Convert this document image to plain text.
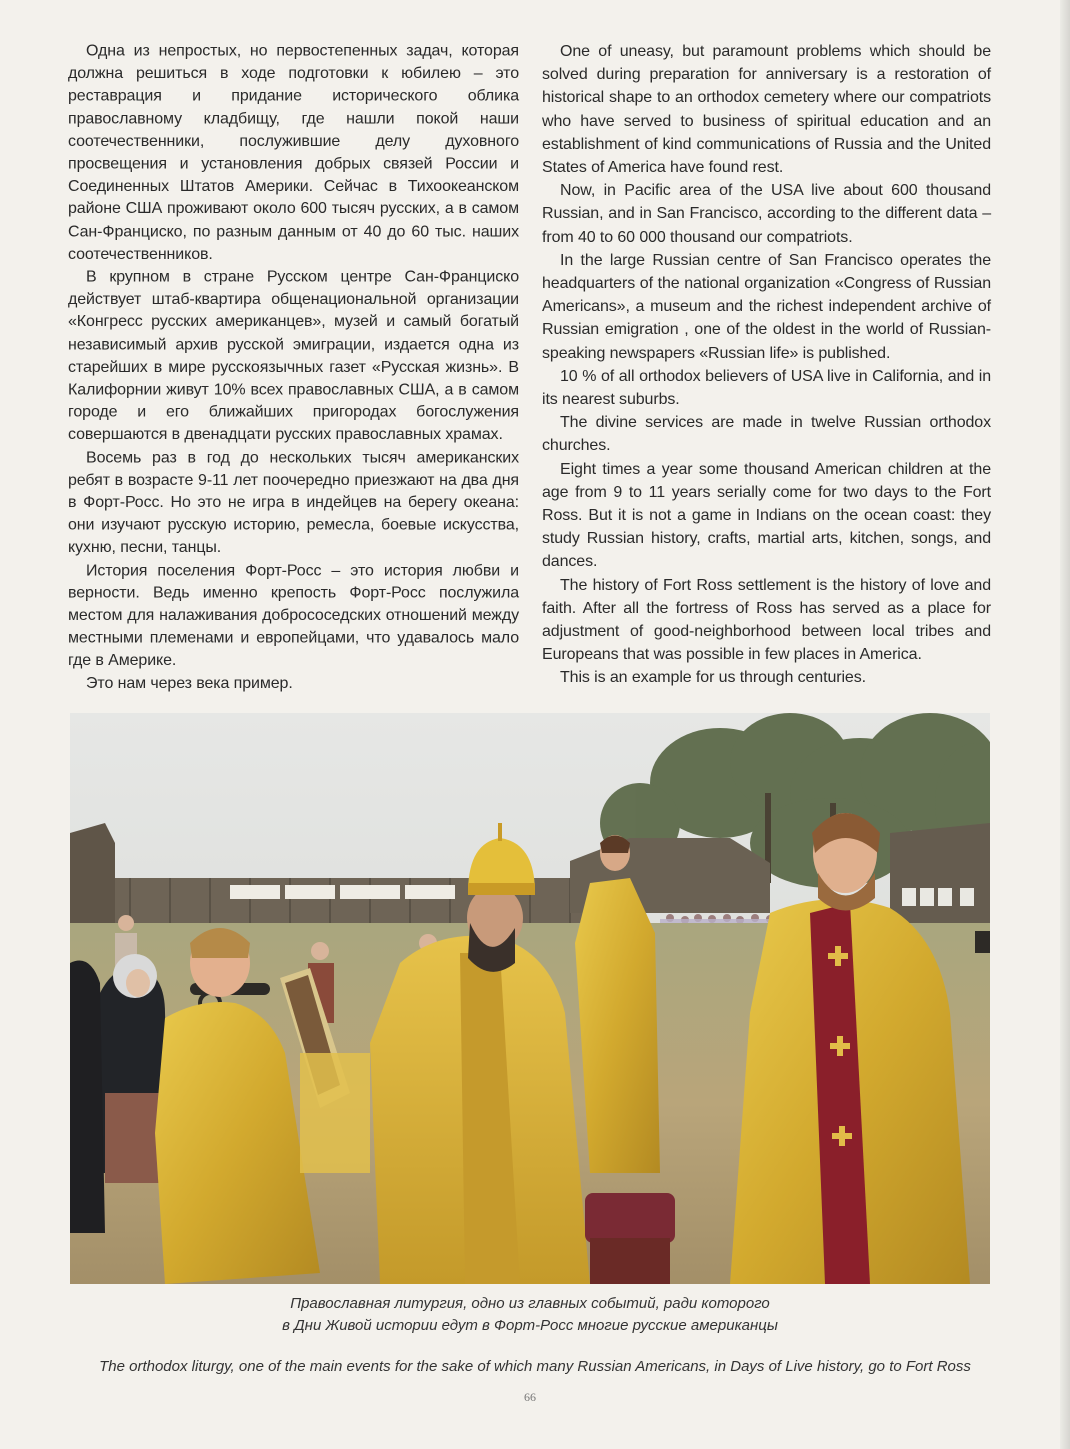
Одна из непростых, но первостепенных задач, которая должна решиться в ходе подготовки к юбилею – это реставрация и придание исторического облика православному кладбищу, где нашли покой наши соотечественники, послужившие делу духовного просвещения и установления добрых связей России и Соединенных Штатов Америки. Сейчас в Тихоокеанском районе США проживают около 600 тысяч русских, а в самом Сан-Франциско, по разным данным от 40 до 60 тыс. наших соотечественников.

В крупном в стране Русском центре Сан-Франциско действует штаб-квартира общенациональной организации «Конгресс русских американцев», музей и самый богатый независимый архив русской эмиграции, издается одна из старейших в мире русскоязычных газет «Русская жизнь». В Калифорнии живут 10% всех православных США, а в самом городе и его ближайших пригородах богослужения совершаются в двенадцати русских православных храмах.

Восемь раз в год до нескольких тысяч американских ребят в возрасте 9-11 лет поочередно приезжают на два дня в Форт-Росс. Но это не игра в индейцев на берегу океана: они изучают русскую историю, ремесла, боевые искусства, кухню, песни, танцы.

История поселения Форт-Росс – это история любви и верности. Ведь именно крепость Форт-Росс послужила местом для налаживания добрососедских отношений между местными племенами и европейцами, что удавалось мало где в Америке.

Это нам через века пример.

One of uneasy, but paramount problems which should be solved during preparation for anniversary is a restoration of historical shape to an orthodox cemetery where our compatriots who have served to business of spiritual education and an establishment of kind communications of Russia and the United States of America have found rest.

Now, in Pacific area of the USA live about 600 thousand Russian, and in San Francisco, according to the different data – from 40 to 60 000 thousand our compatriots.

In the large Russian centre of San Francisco operates the headquarters of the national organization «Congress of Russian Americans», a museum and the richest independent archive of Russian emigration , one of the oldest in the world of Russian-speaking newspapers «Russian life» is published.

10 % of all orthodox believers of USA live in California, and in its nearest suburbs.

The divine services are made in twelve Russian orthodox churches.

Eight times a year some thousand American children at the age from 9 to 11 years serially come for two days to the Fort Ross. But it is not a game in Indians on the ocean coast: they study Russian history, crafts, martial arts, kitchen, songs, and dances.

The history of Fort Ross settlement is the history of love and faith. After all the fortress of Ross has served as a place for adjustment of good-neighborhood between local tribes and Europeans that was possible in few places in America.

This is an example for us through centuries.

Православная литургия, одно из главных событий, ради которого
в Дни Живой истории едут в Форт-Росс многие русские американцы
The orthodox liturgy, one of the main events for the sake of which many Russian Americans, in Days of Live history, go to Fort Ross
66
